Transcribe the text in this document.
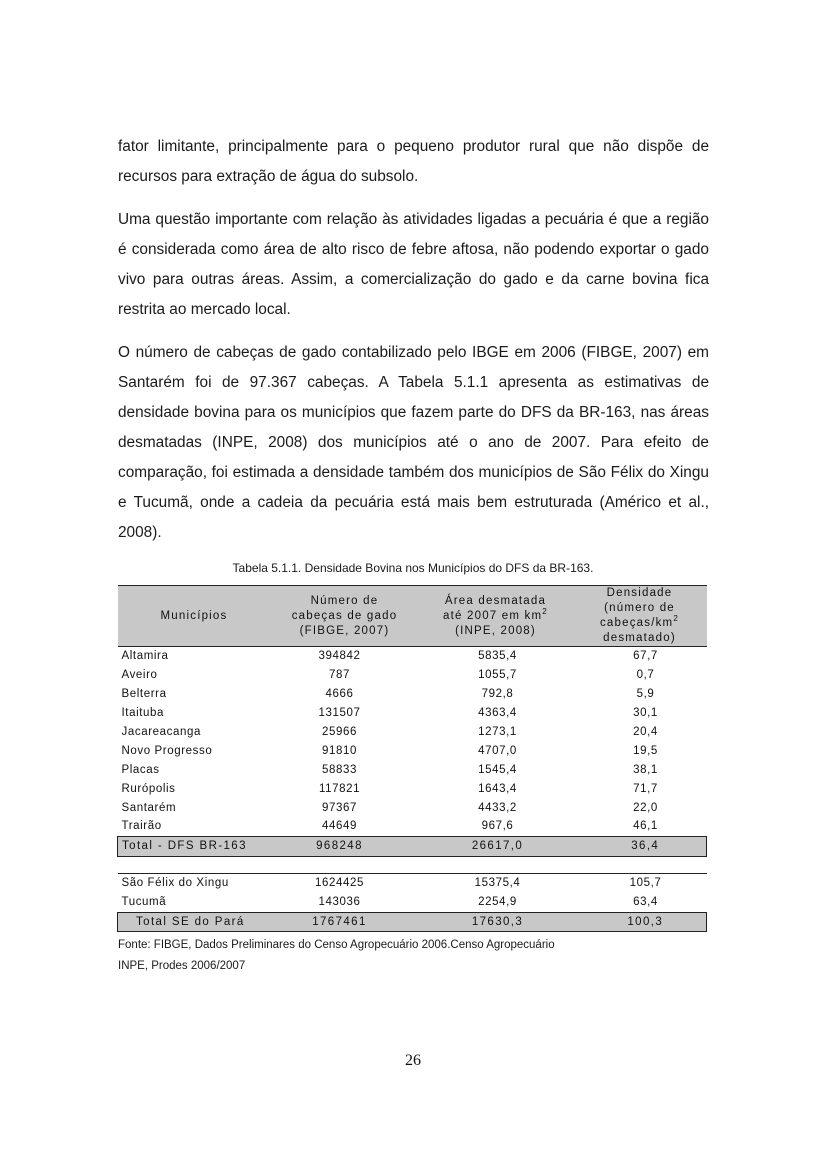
fator limitante, principalmente para o pequeno produtor rural que não dispõe de recursos para extração de água do subsolo.

Uma questão importante com relação às atividades ligadas a pecuária é que a região é considerada como área de alto risco de febre aftosa, não podendo exportar o gado vivo para outras áreas. Assim, a comercialização do gado e da carne bovina fica restrita ao mercado local.

O número de cabeças de gado contabilizado pelo IBGE em 2006 (FIBGE, 2007) em Santarém foi de 97.367 cabeças. A Tabela 5.1.1 apresenta as estimativas de densidade bovina para os municípios que fazem parte do DFS da BR-163, nas áreas desmatadas (INPE, 2008) dos municípios até o ano de 2007. Para efeito de comparação, foi estimada a densidade também dos municípios de São Félix do Xingu e Tucumã, onde a cadeia da pecuária está mais bem estruturada (Américo et al., 2008).

Tabela 5.1.1. Densidade Bovina nos Municípios do DFS da BR-163.
Municípios	Número de
cabeças de gado
(FIBGE, 2007)	Área desmatada
até 2007 em $km^2$
(INPE, 2008)	Densidade
(número de
cabeças/$km^2$
desmatado)
Altamira	394842	5835,4	67,7
Aveiro	787	1055,7	0,7
Belterra	4666	792,8	5,9
Itaituba	131507	4363,4	30,1
Jacareacanga	25966	1273,1	20,4
Novo Progresso	91810	4707,0	19,5
Placas	58833	1545,4	38,1
Rurópolis	117821	1643,4	71,7
Santarém	97367	4433,2	22,0
Trairão	44649	967,6	46,1
Total - DFS BR-163	968248	26617,0	36,4

São Félix do Xingu	1624425	15375,4	105,7
Tucumã	143036	2254,9	63,4
Total SE do Pará	1767461	17630,3	100,3
Fonte: FIBGE, Dados Preliminares do Censo Agropecuário 2006.Censo Agropecuário
INPE, Prodes 2006/2007
26
